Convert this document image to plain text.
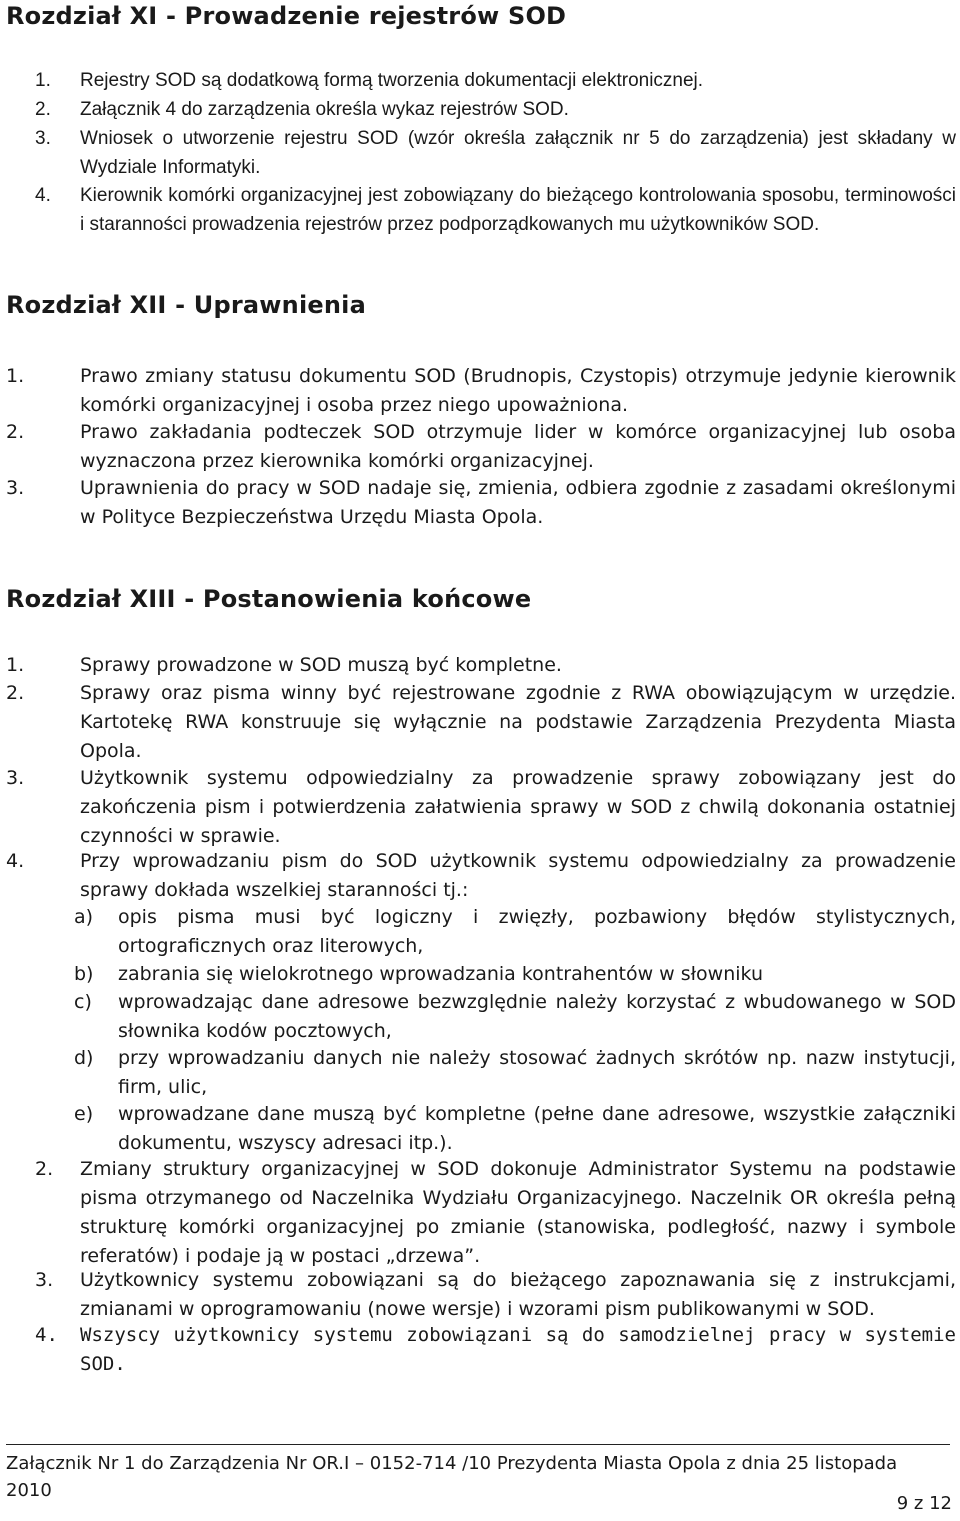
Rozdział XI - Prowadzenie rejestrów SOD
1. Rejestry SOD są dodatkową formą tworzenia dokumentacji elektronicznej.
2. Załącznik 4 do zarządzenia określa wykaz rejestrów SOD.
3. Wniosek o utworzenie rejestru SOD (wzór określa załącznik nr 5 do zarządzenia) jest składany w Wydziale Informatyki.
4. Kierownik komórki organizacyjnej jest zobowiązany do bieżącego kontrolowania sposobu, terminowości i staranności prowadzenia rejestrów przez podporządkowanych mu użytkowników SOD.
Rozdział XII - Uprawnienia
1.	Prawo zmiany statusu dokumentu SOD (Brudnopis, Czystopis) otrzymuje jedynie kierownik komórki organizacyjnej i osoba przez niego upoważniona.
2.	Prawo zakładania podteczek SOD otrzymuje lider w komórce organizacyjnej lub osoba wyznaczona przez kierownika komórki organizacyjnej.
3.	Uprawnienia do pracy w SOD nadaje się, zmienia, odbiera zgodnie z zasadami określonymi w Polityce Bezpieczeństwa Urzędu Miasta Opola.
Rozdział XIII - Postanowienia końcowe
1.	Sprawy prowadzone w SOD muszą być kompletne.
2.	Sprawy oraz pisma winny być rejestrowane zgodnie z RWA obowiązującym w urzędzie. Kartotekę RWA konstruuje się wyłącznie na podstawie Zarządzenia Prezydenta Miasta Opola.
3.	Użytkownik systemu odpowiedzialny za prowadzenie sprawy zobowiązany jest do zakończenia pism i potwierdzenia załatwienia sprawy w SOD z chwilą dokonania ostatniej czynności w sprawie.
4.	Przy wprowadzaniu pism do SOD użytkownik systemu odpowiedzialny za prowadzenie sprawy dokłada wszelkiej staranności tj.:
a) opis pisma musi być logiczny i zwięzły, pozbawiony błędów stylistycznych, ortograficznych oraz literowych,
b) zabrania się wielokrotnego wprowadzania kontrahentów w słowniku
c) wprowadzając dane adresowe bezwzględnie należy korzystać z wbudowanego w SOD słownika kodów pocztowych,
d) przy wprowadzaniu danych nie należy stosować żadnych skrótów np. nazw instytucji, firm, ulic,
e) wprowadzane dane muszą być kompletne (pełne dane adresowe, wszystkie załączniki dokumentu, wszyscy adresaci itp.).
2. Zmiany struktury organizacyjnej w SOD dokonuje Administrator Systemu na podstawie pisma otrzymanego od Naczelnika Wydziału Organizacyjnego. Naczelnik OR określa pełną strukturę komórki organizacyjnej po zmianie (stanowiska, podległość, nazwy i symbole referatów) i podaje ją w postaci „drzewa”.
3. Użytkownicy systemu zobowiązani są do bieżącego zapoznawania się z instrukcjami, zmianami w oprogramowaniu (nowe wersje) i wzorami pism publikowanymi w SOD.
4. Wszyscy użytkownicy systemu zobowiązani są do samodzielnej pracy w systemie SOD.
Załącznik Nr 1 do Zarządzenia Nr OR.I – 0152-714 /10 Prezydenta Miasta Opola z dnia 25 listopada 2010
9 z 12
